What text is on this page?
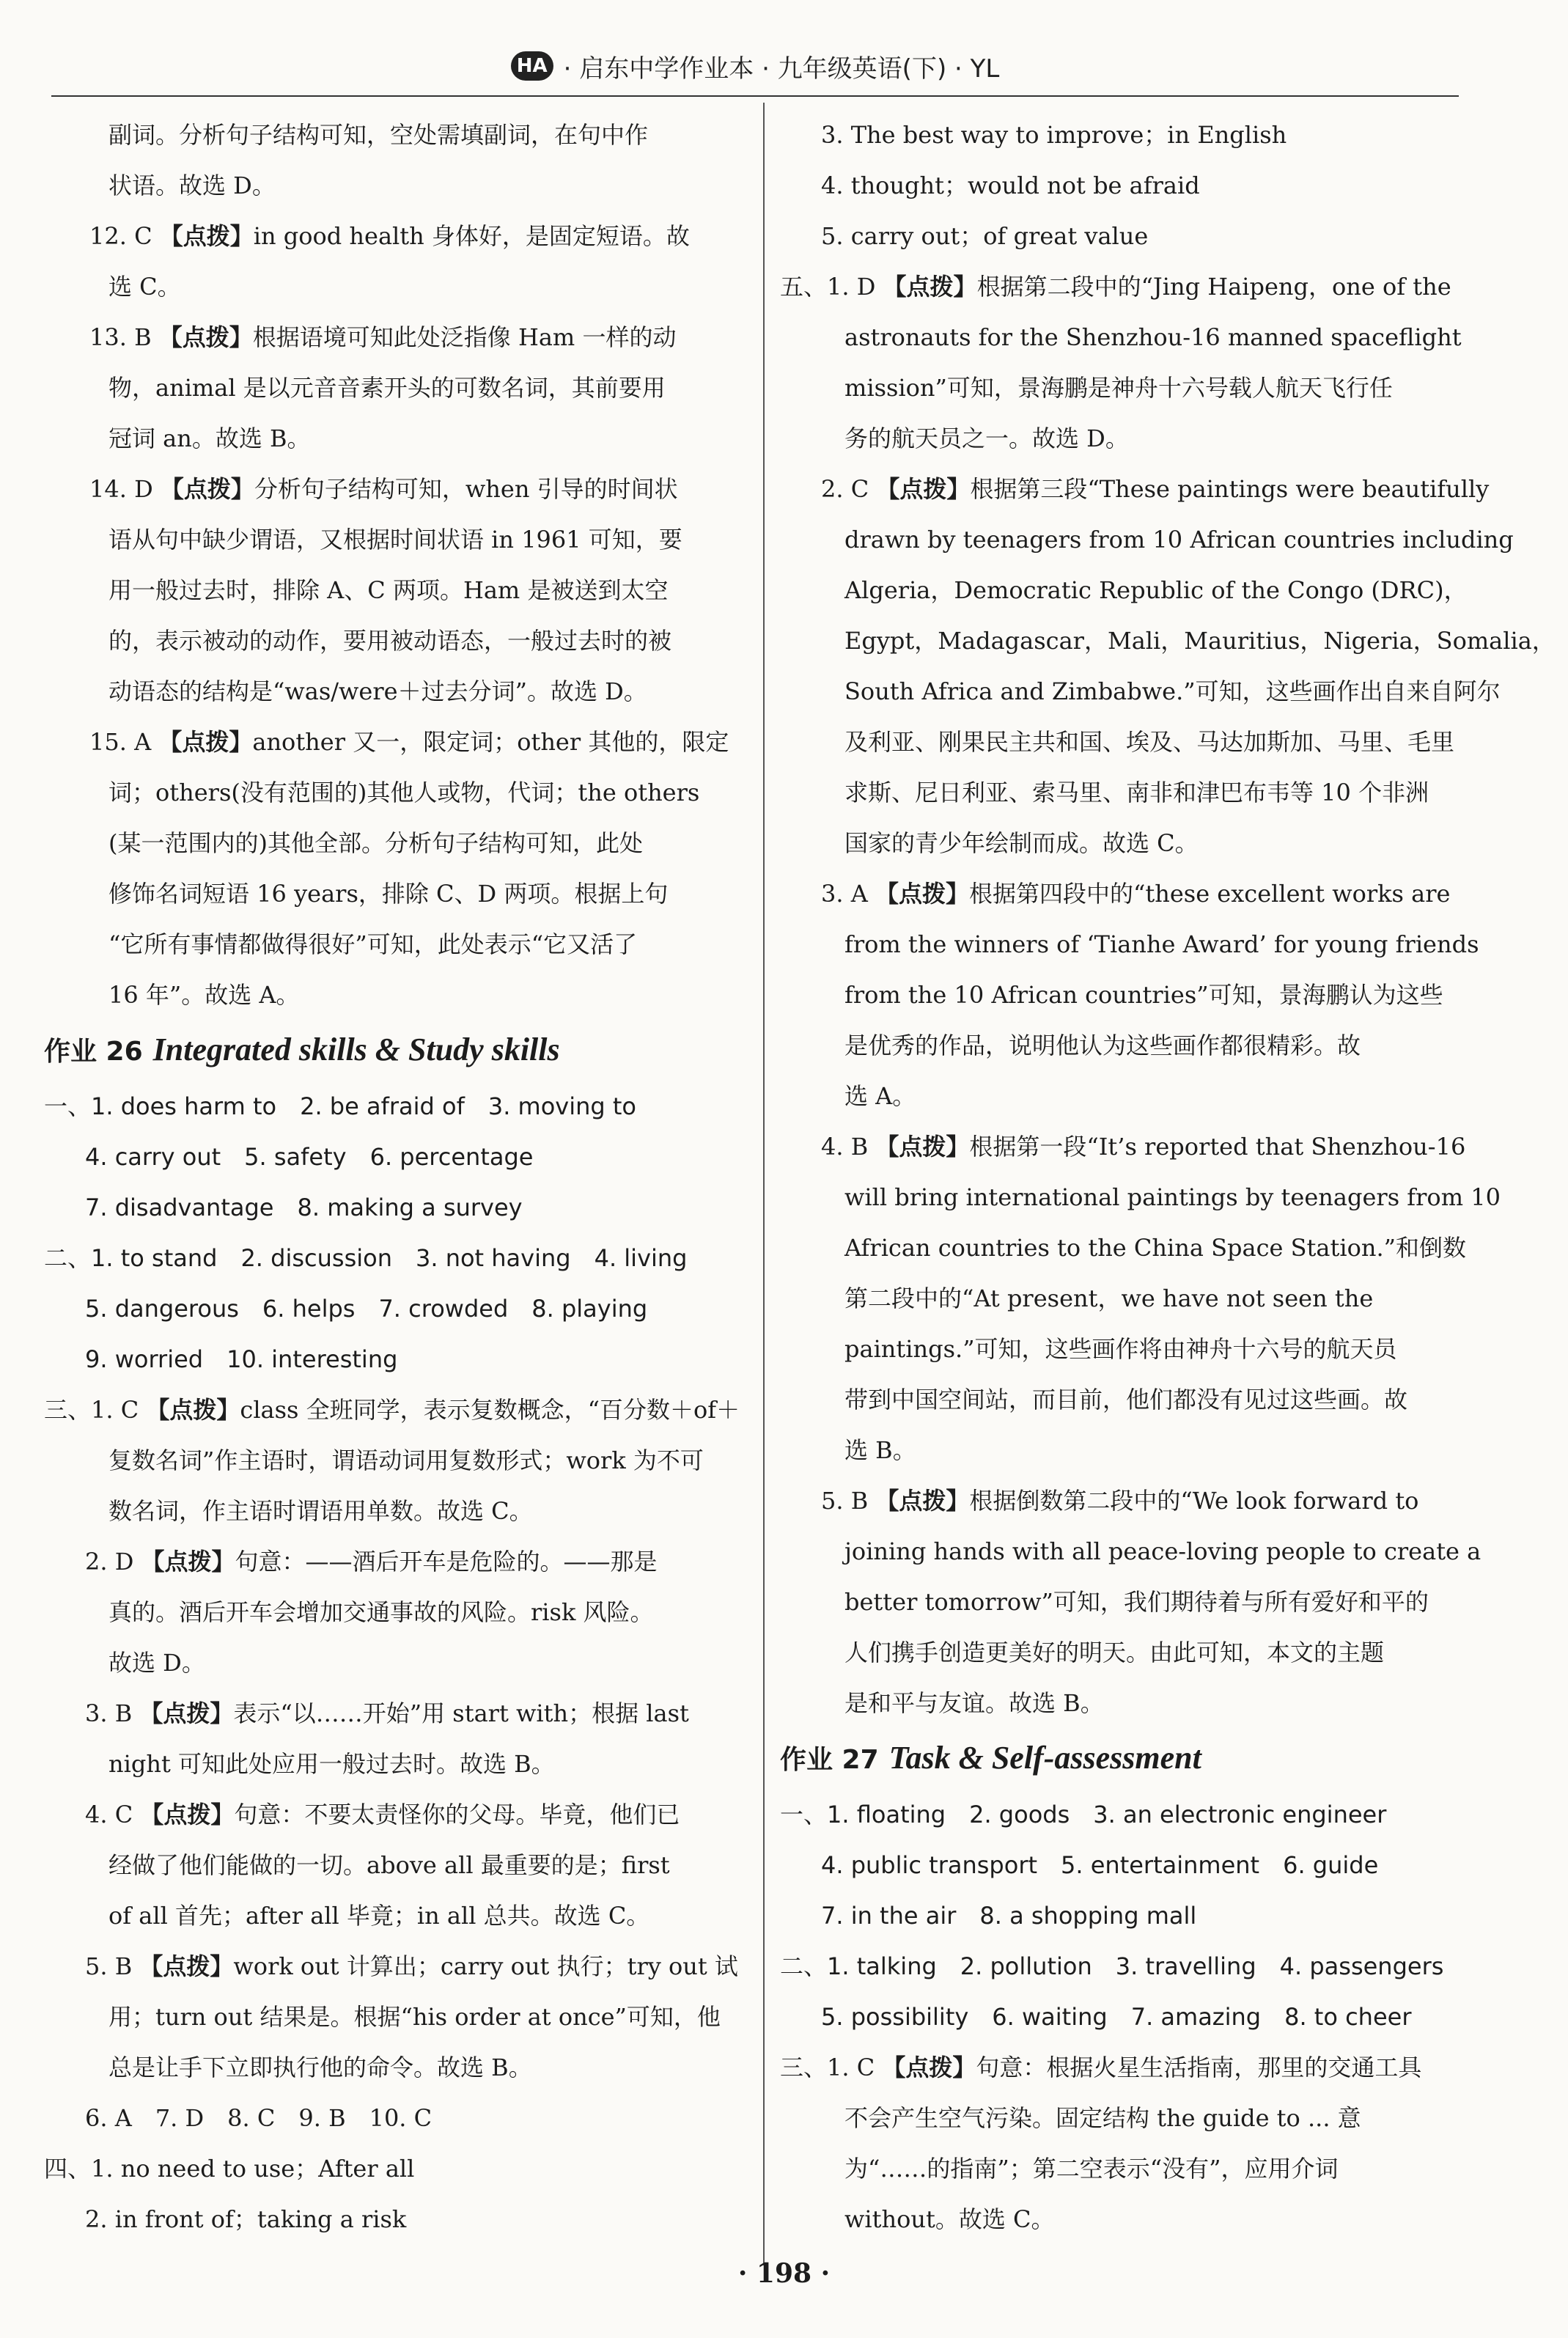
HA · 启东中学作业本 · 九年级英语(下) · YL
副词。分析句子结构可知，空处需填副词，在句中作
状语。故选 D。
12. C 【点拨】in good health 身体好，是固定短语。故
选 C。
13. B 【点拨】根据语境可知此处泛指像 Ham 一样的动
物，animal 是以元音音素开头的可数名词，其前要用
冠词 an。故选 B。
14. D 【点拨】分析句子结构可知，when 引导的时间状
语从句中缺少谓语，又根据时间状语 in 1961 可知，要
用一般过去时，排除 A、C 两项。Ham 是被送到太空
的，表示被动的动作，要用被动语态，一般过去时的被
动语态的结构是“was/were＋过去分词”。故选 D。
15. A 【点拨】another 又一，限定词；other 其他的，限定
词；others(没有范围的)其他人或物，代词；the others
(某一范围内的)其他全部。分析句子结构可知，此处
修饰名词短语 16 years，排除 C、D 两项。根据上句
“它所有事情都做得很好”可知，此处表示“它又活了
16 年”。故选 A。
作业 26 Integrated skills & Study skills
一、1. does harm to　2. be afraid of　3. moving to
4. carry out　5. safety　6. percentage
7. disadvantage　8. making a survey
二、1. to stand　2. discussion　3. not having　4. living
5. dangerous　6. helps　7. crowded　8. playing
9. worried　10. interesting
三、1. C 【点拨】class 全班同学，表示复数概念，“百分数＋of＋
复数名词”作主语时，谓语动词用复数形式；work 为不可
数名词，作主语时谓语用单数。故选 C。
2. D 【点拨】句意：——酒后开车是危险的。——那是
真的。酒后开车会增加交通事故的风险。risk 风险。
故选 D。
3. B 【点拨】表示“以……开始”用 start with；根据 last
night 可知此处应用一般过去时。故选 B。
4. C 【点拨】句意：不要太责怪你的父母。毕竟，他们已
经做了他们能做的一切。above all 最重要的是；first
of all 首先；after all 毕竟；in all 总共。故选 C。
5. B 【点拨】work out 计算出；carry out 执行；try out 试
用；turn out 结果是。根据“his order at once”可知，他
总是让手下立即执行他的命令。故选 B。
6. A　7. D　8. C　9. B　10. C
四、1. no need to use；After all
2. in front of；taking a risk
3. The best way to improve；in English
4. thought；would not be afraid
5. carry out；of great value
五、1. D 【点拨】根据第二段中的“Jing Haipeng，one of the
astronauts for the Shenzhou-16 manned spaceflight
mission”可知，景海鹏是神舟十六号载人航天飞行任
务的航天员之一。故选 D。
2. C 【点拨】根据第三段“These paintings were beautifully
drawn by teenagers from 10 African countries including
Algeria，Democratic Republic of the Congo (DRC)，
Egypt，Madagascar，Mali，Mauritius，Nigeria，Somalia，
South Africa and Zimbabwe.”可知，这些画作出自来自阿尔
及利亚、刚果民主共和国、埃及、马达加斯加、马里、毛里
求斯、尼日利亚、索马里、南非和津巴布韦等 10 个非洲
国家的青少年绘制而成。故选 C。
3. A 【点拨】根据第四段中的“these excellent works are
from the winners of ‘Tianhe Award’ for young friends
from the 10 African countries”可知，景海鹏认为这些
是优秀的作品，说明他认为这些画作都很精彩。故
选 A。
4. B 【点拨】根据第一段“It’s reported that Shenzhou-16
will bring international paintings by teenagers from 10
African countries to the China Space Station.”和倒数
第二段中的“At present，we have not seen the
paintings.”可知，这些画作将由神舟十六号的航天员
带到中国空间站，而目前，他们都没有见过这些画。故
选 B。
5. B 【点拨】根据倒数第二段中的“We look forward to
joining hands with all peace-loving people to create a
better tomorrow”可知，我们期待着与所有爱好和平的
人们携手创造更美好的明天。由此可知，本文的主题
是和平与友谊。故选 B。
作业 27 Task & Self-assessment
一、1. floating　2. goods　3. an electronic engineer
4. public transport　5. entertainment　6. guide
7. in the air　8. a shopping mall
二、1. talking　2. pollution　3. travelling　4. passengers
5. possibility　6. waiting　7. amazing　8. to cheer
三、1. C 【点拨】句意：根据火星生活指南，那里的交通工具
不会产生空气污染。固定结构 the guide to ... 意
为“……的指南”；第二空表示“没有”，应用介词
without。故选 C。
· 198 ·
